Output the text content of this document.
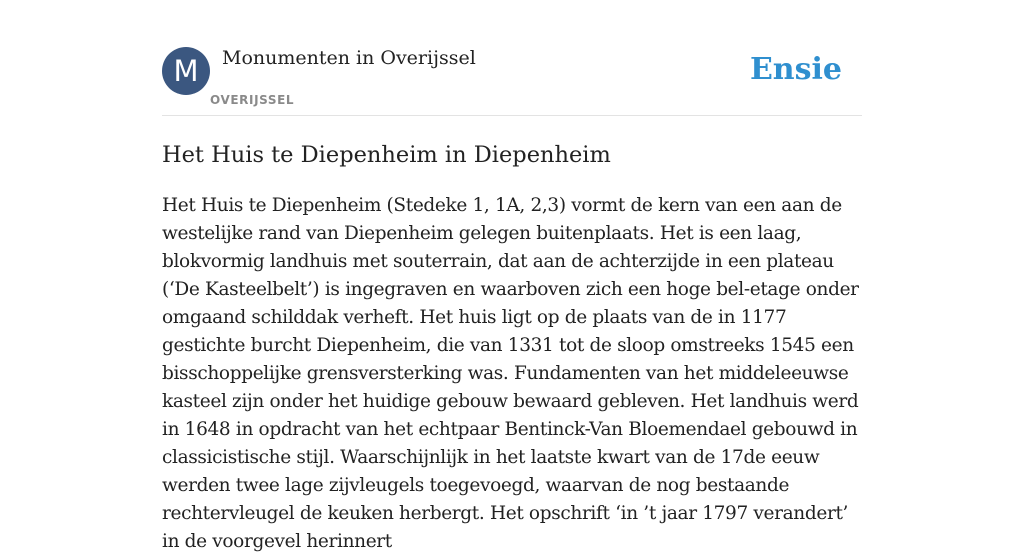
M	Monumenten in Overijssel
OVERIJSSEL
Ensie
Het Huis te Diepenheim in Diepenheim

Het Huis te Diepenheim (Stedeke 1, 1A, 2,3) vormt de kern van een aan de westelijke rand van Diepenheim gelegen buitenplaats. Het is een laag, blokvormig landhuis met souterrain, dat aan de achterzijde in een plateau (‘De Kasteelbelt’) is ingegraven en waarboven zich een hoge bel-etage onder omgaand schilddak verheft. Het huis ligt op de plaats van de in 1177 gestichte burcht Diepenheim, die van 1331 tot de sloop omstreeks 1545 een bisschoppelijke grensversterking was. Fundamenten van het middeleeuwse kasteel zijn onder het huidige gebouw bewaard gebleven. Het landhuis werd in 1648 in opdracht van het echtpaar Bentinck-Van Bloemendael gebouwd in classicistische stijl. Waarschijnlijk in het laatste kwart van de 17de eeuw werden twee lage zijvleugels toegevoegd, waarvan de nog bestaande rechtervleugel de keuken herbergt. Het opschrift ‘in ’t jaar 1797 verandert’ in de voorgevel herinnert
